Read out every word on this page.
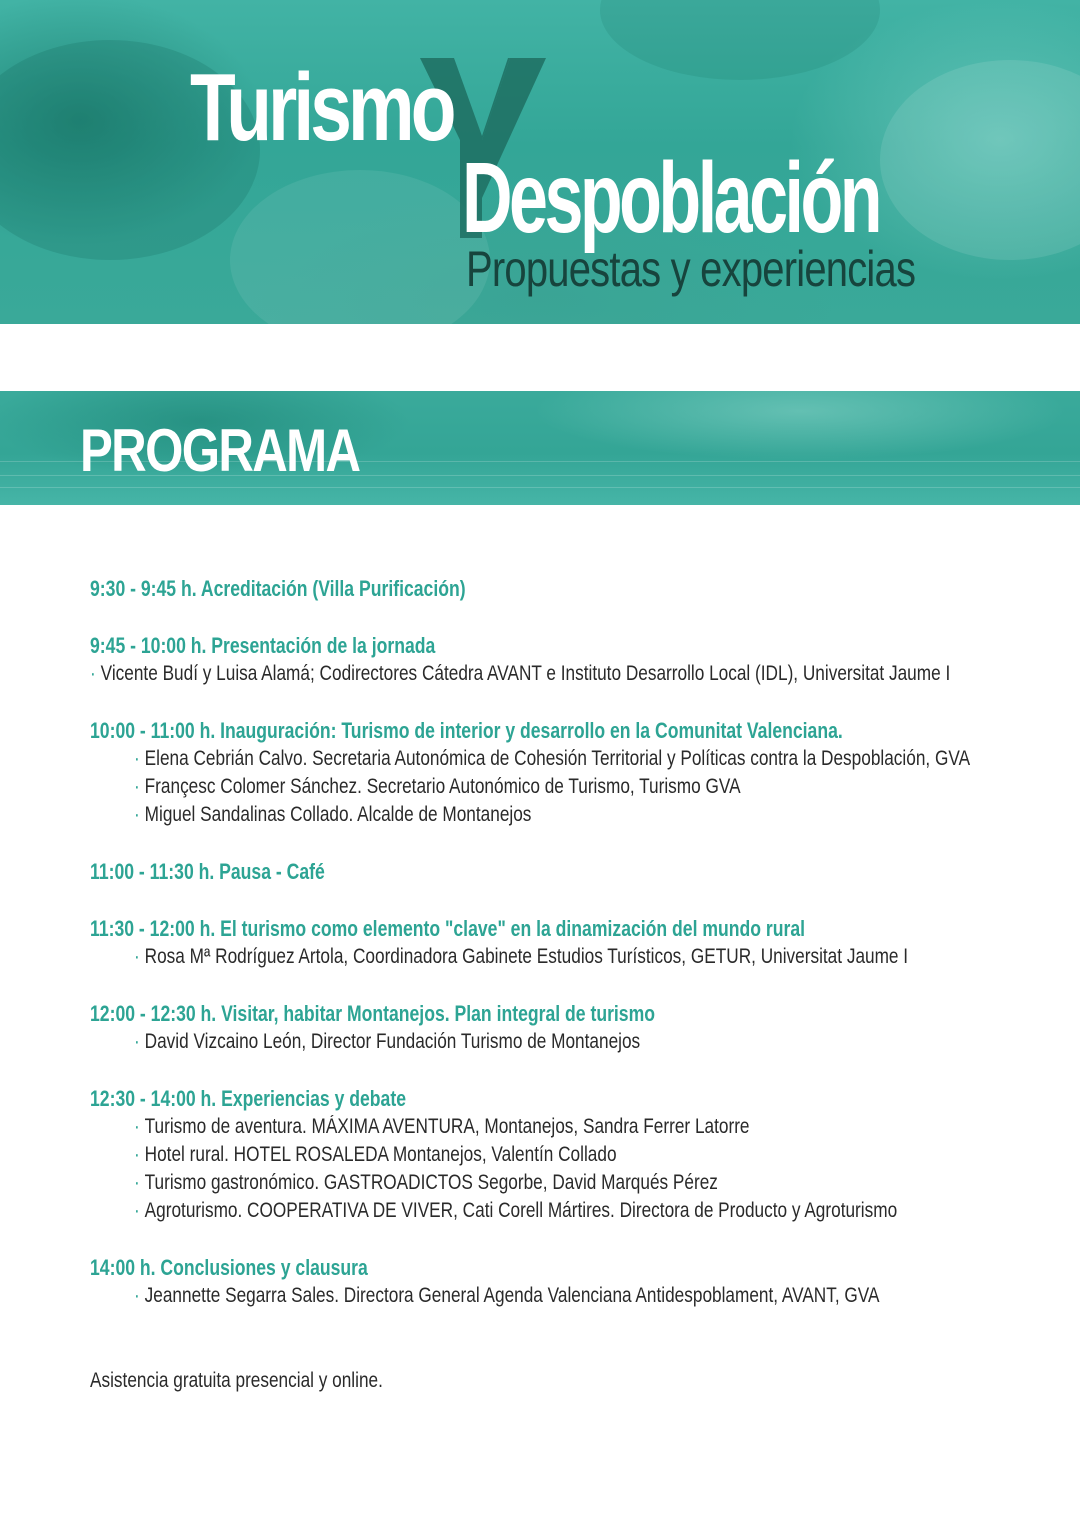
Turismo
Despoblación
Propuestas y experiencias
PROGRAMA
9:30 - 9:45 h. Acreditación (Villa Purificación)
9:45 - 10:00 h. Presentación de la jornada
· Vicente Budí y Luisa Alamá; Codirectores Cátedra AVANT e Instituto Desarrollo Local (IDL), Universitat Jaume I
10:00 - 11:00 h. Inauguración: Turismo de interior y desarrollo en la Comunitat Valenciana.
· Elena Cebrián Calvo. Secretaria Autonómica de Cohesión Territorial y Políticas contra la Despoblación, GVA
· Françesc Colomer Sánchez. Secretario Autonómico de Turismo, Turismo GVA
· Miguel Sandalinas Collado. Alcalde de Montanejos
11:00 - 11:30 h. Pausa - Café
11:30 - 12:00 h. El turismo como elemento "clave" en la dinamización del mundo rural
· Rosa Mª Rodríguez Artola, Coordinadora Gabinete Estudios Turísticos, GETUR, Universitat Jaume I
12:00 - 12:30 h. Visitar, habitar Montanejos. Plan integral de turismo
· David Vizcaino León, Director Fundación Turismo de Montanejos
12:30 - 14:00 h. Experiencias y debate
· Turismo de aventura. MÁXIMA AVENTURA, Montanejos, Sandra Ferrer Latorre
· Hotel rural. HOTEL ROSALEDA Montanejos, Valentín Collado
· Turismo gastronómico. GASTROADICTOS Segorbe, David Marqués Pérez
· Agroturismo. COOPERATIVA DE VIVER, Cati Corell Mártires. Directora de Producto y Agroturismo
14:00 h. Conclusiones y clausura
· Jeannette Segarra Sales. Directora General Agenda Valenciana Antidespoblament, AVANT, GVA
Asistencia gratuita presencial y online.
